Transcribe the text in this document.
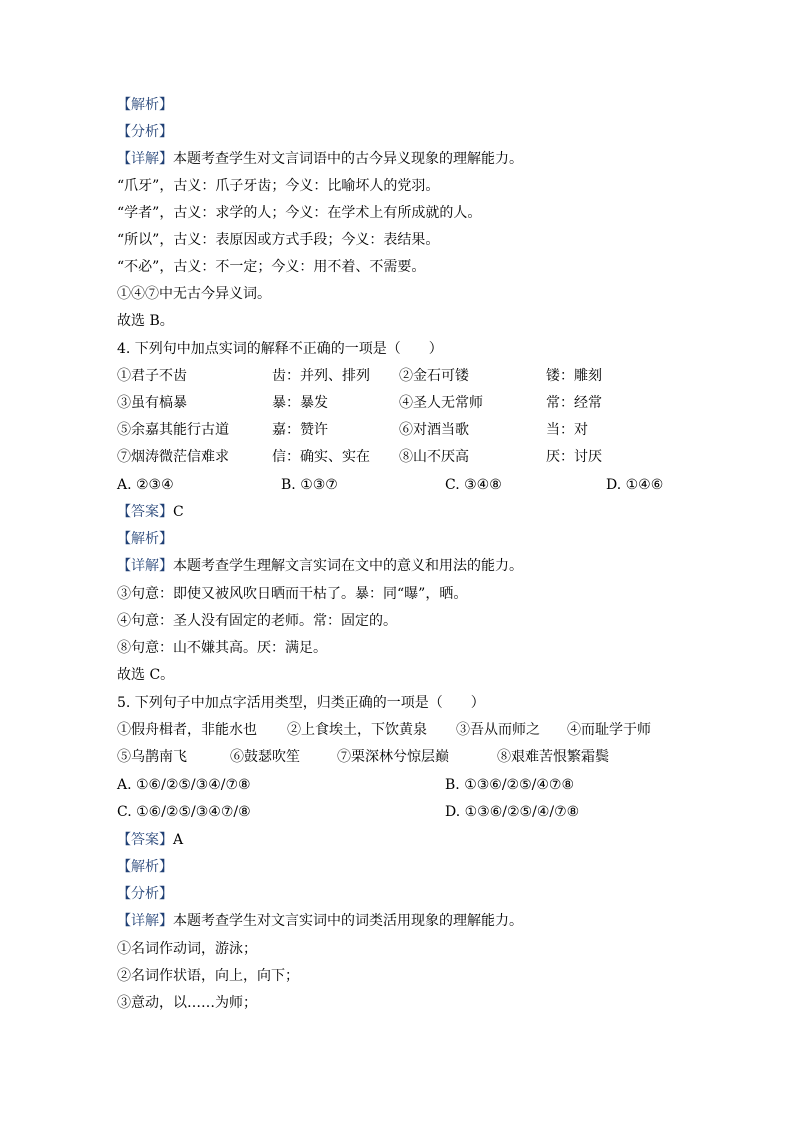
【解析】
【分析】
【详解】本题考查学生对文言词语中的古今异义现象的理解能力。
“爪牙”，古义：爪子牙齿；今义：比喻坏人的党羽。
“学者”，古义：求学的人；今义：在学术上有所成就的人。
“所以”，古义：表原因或方式手段；今义：表结果。
“不必”，古义：不一定；今义：用不着、不需要。
①④⑦中无古今异义词。
故选 B。
4. 下列句中加点实词的解释不正确的一项是（　　）
①君子不齿	齿：并列、排列 ②金石可镂	镂：雕刻
③虽有槁暴	暴：暴发	④圣人无常师	常：经常
⑤余嘉其能行古道	嘉：赞许	⑥对酒当歌	当：对
⑦烟涛微茫信难求	信：确实、实在 ⑧山不厌高	厌：讨厌
A. ②③④	B. ①③⑦	C. ③④⑧	D. ①④⑥
【答案】C
【解析】
【详解】本题考查学生理解文言实词在文中的意义和用法的能力。
③句意：即使又被风吹日晒而干枯了。暴：同“曝”，晒。
④句意：圣人没有固定的老师。常：固定的。
⑧句意：山不嫌其高。厌：满足。
故选 C。
5. 下列句子中加点字活用类型，归类正确的一项是（　　）
①假舟楫者，非能水也 ②上食埃土，下饮黄泉 ③吾从而师之 ④而耻学于师
⑤乌鹊南飞	⑥鼓瑟吹笙	⑦栗深林兮惊层巅	⑧艰难苦恨繁霜鬓
A. ①⑥/②⑤/③④/⑦⑧	B. ①③⑥/②⑤/④⑦⑧
C. ①⑥/②⑤/③④⑦/⑧	D. ①③⑥/②⑤/④/⑦⑧
【答案】A
【解析】
【分析】
【详解】本题考查学生对文言实词中的词类活用现象的理解能力。
①名词作动词，游泳；
②名词作状语，向上，向下；
③意动，以……为师；
